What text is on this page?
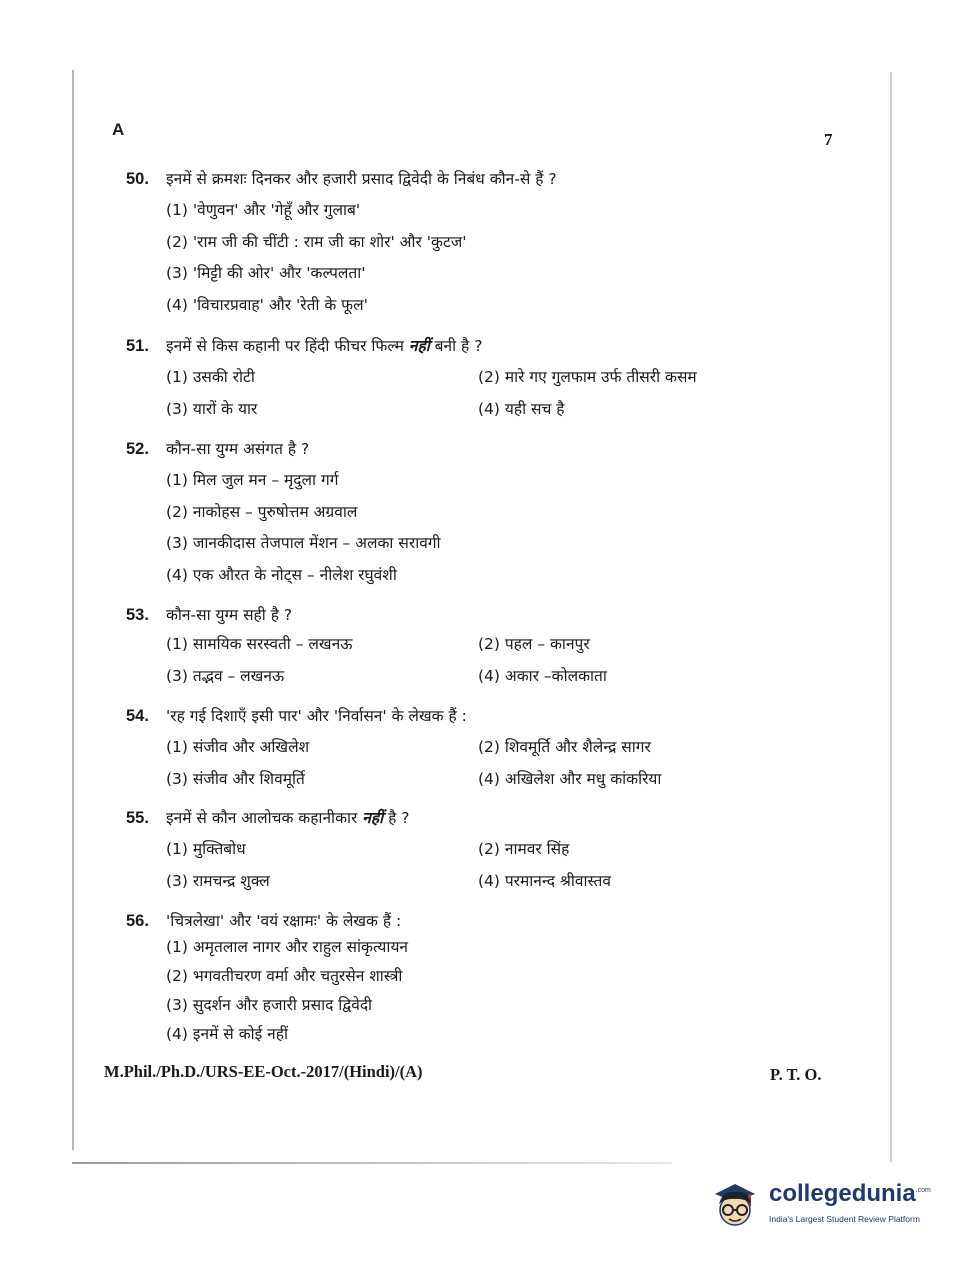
A
7
50.	इनमें से क्रमशः दिनकर और हजारी प्रसाद द्विवेदी के निबंध कौन-से हैं ?
(1) 'वेणुवन' और 'गेहूँ और गुलाब'
(2) 'राम जी की चींटी : राम जी का शोर' और 'कुटज'
(3) 'मिट्टी की ओर' और 'कल्पलता'
(4) 'विचारप्रवाह' और 'रेती के फूल'
51.	इनमें से किस कहानी पर हिंदी फीचर फिल्म नहीं बनी है ?
(1) उसकी रोटी	(2) मारे गए गुलफाम उर्फ तीसरी कसम
(3) यारों के यार	(4) यही सच है
52.	कौन-सा युग्म असंगत है ?
(1) मिल जुल मन – मृदुला गर्ग
(2) नाकोहस – पुरुषोत्तम अग्रवाल
(3) जानकीदास तेजपाल मेंशन – अलका सरावगी
(4) एक औरत के नोट्स – नीलेश रघुवंशी
53.	कौन-सा युग्म सही है ?
(1) सामयिक सरस्वती – लखनऊ	(2) पहल – कानपुर
(3) तद्भव – लखनऊ	(4) अकार –कोलकाता
54.	'रह गई दिशाएँ इसी पार' और 'निर्वासन' के लेखक हैं :
(1) संजीव और अखिलेश	(2) शिवमूर्ति और शैलेन्द्र सागर
(3) संजीव और शिवमूर्ति	(4) अखिलेश और मधु कांकरिया
55.	इनमें से कौन आलोचक कहानीकार नहीं है ?
(1) मुक्तिबोध	(2) नामवर सिंह
(3) रामचन्द्र शुक्ल	(4) परमानन्द श्रीवास्तव
56.	'चित्रलेखा' और 'वयं रक्षामः' के लेखक हैं :
(1) अमृतलाल नागर और राहुल सांकृत्यायन
(2) भगवतीचरण वर्मा और चतुरसेन शास्त्री
(3) सुदर्शन और हजारी प्रसाद द्विवेदी
(4) इनमें से कोई नहीं
M.Phil./Ph.D./URS-EE-Oct.-2017/(Hindi)/(A)	P. T. O.
collegedunia$^{.com}$
India's Largest Student Review Platform
